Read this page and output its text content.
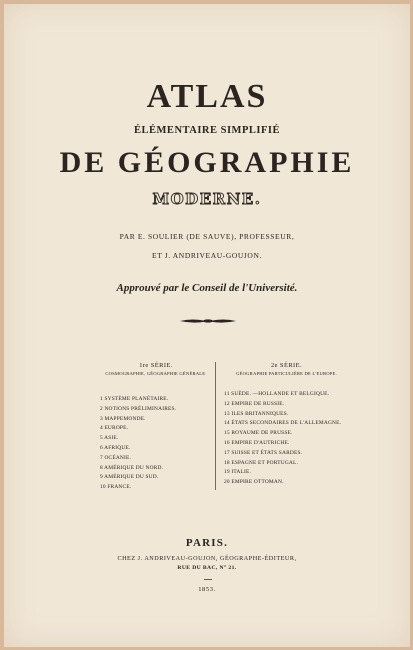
ATLAS
ÉLÉMENTAIRE SIMPLIFIÉ
DE GÉOGRAPHIE
MODERNE.
PAR E. SOULIER (DE SAUVE), PROFESSEUR,
ET J. ANDRIVEAU-GOUJON.
Approuvé par le Conseil de l'Université.
1re SÉRIE.
COSMOGRAPHIE, GÉOGRAPHIE GÉNÉRALE.
1 SYSTÈME PLANÉTAIRE.
2 NOTIONS PRÉLIMINAIRES.
3 MAPPEMONDE.
4 EUROPE.
5 ASIE.
6 AFRIQUE.
7 OCÉANIE.
8 AMÉRIQUE DU NORD.
9 AMÉRIQUE DU SUD.
10 FRANCE.
2e SÉRIE.
GÉOGRAPHIE PARTICULIÈRE DE L'EUROPE.
11 SUÈDE. —HOLLANDE ET BELGIQUE.
12 EMPIRE DE RUSSIE.
13 ILES BRITANNIQUES.
14 ÉTATS SECONDAIRES DE L'ALLEMAGNE.
15 ROYAUME DE PRUSSE.
16 EMPIRE D'AUTRICHE.
17 SUISSE ET ÉTATS SARDES.
18 ESPAGNE ET PORTUGAL.
19 ITALIE.
20 EMPIRE OTTOMAN.
PARIS.
CHEZ J. ANDRIVEAU-GOUJON, GÉOGRAPHE-ÉDITEUR,
RUE DU BAC, N° 21.
1853.
